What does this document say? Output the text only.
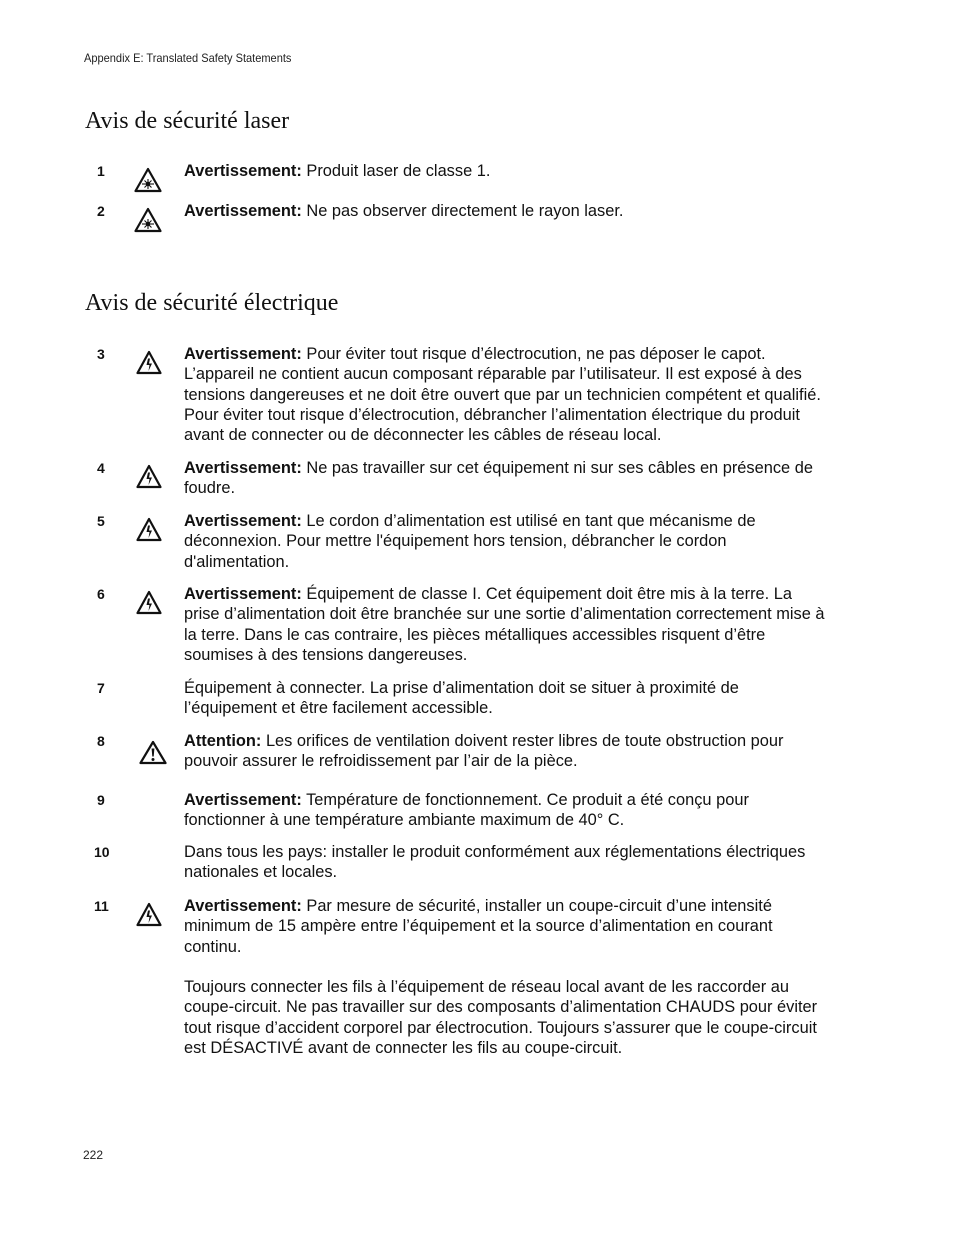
Appendix E: Translated Safety Statements
Avis de sécurité laser
1	Avertissement: Produit laser de classe 1.

2	Avertissement: Ne pas observer directement le rayon laser.

Avis de sécurité électrique
3	Avertissement: Pour éviter tout risque d’électrocution, ne pas déposer le capot. L’appareil ne contient aucun composant réparable par l’utilisateur. Il est exposé à des tensions dangereuses et ne doit être ouvert que par un technicien compétent et qualifié. Pour éviter tout risque d’électrocution, débrancher l’alimentation électrique du produit avant de connecter ou de déconnecter les câbles de réseau local.

4	Avertissement: Ne pas travailler sur cet équipement ni sur ses câbles en présence de foudre.

5	Avertissement: Le cordon d’alimentation est utilisé en tant que mécanisme de déconnexion. Pour mettre l'équipement hors tension, débrancher le cordon d'alimentation.

6	Avertissement: Équipement de classe I. Cet équipement doit être mis à la terre. La prise d’alimentation doit être branchée sur une sortie d’alimentation correctement mise à la terre. Dans le cas contraire, les pièces métalliques accessibles risquent d’être soumises à des tensions dangereuses.

7	Équipement à connecter. La prise d’alimentation doit se situer à proximité de l’équipement et être facilement accessible.

8	Attention: Les orifices de ventilation doivent rester libres de toute obstruction pour pouvoir assurer le refroidissement par l’air de la pièce.

9	Avertissement: Température de fonctionnement. Ce produit a été conçu pour fonctionner à une température ambiante maximum de 40° C.

10	Dans tous les pays: installer le produit conformément aux réglementations électriques nationales et locales.

11	Avertissement: Par mesure de sécurité, installer un coupe-circuit d’une intensité minimum de 15 ampère entre l’équipement et la source d’alimentation en courant continu.

Toujours connecter les fils à l’équipement de réseau local avant de les raccorder au coupe-circuit. Ne pas travailler sur des composants d’alimentation CHAUDS pour éviter tout risque d’accident corporel par électrocution. Toujours s’assurer que le coupe-circuit est DÉSACTIVÉ avant de connecter les fils au coupe-circuit.

222
